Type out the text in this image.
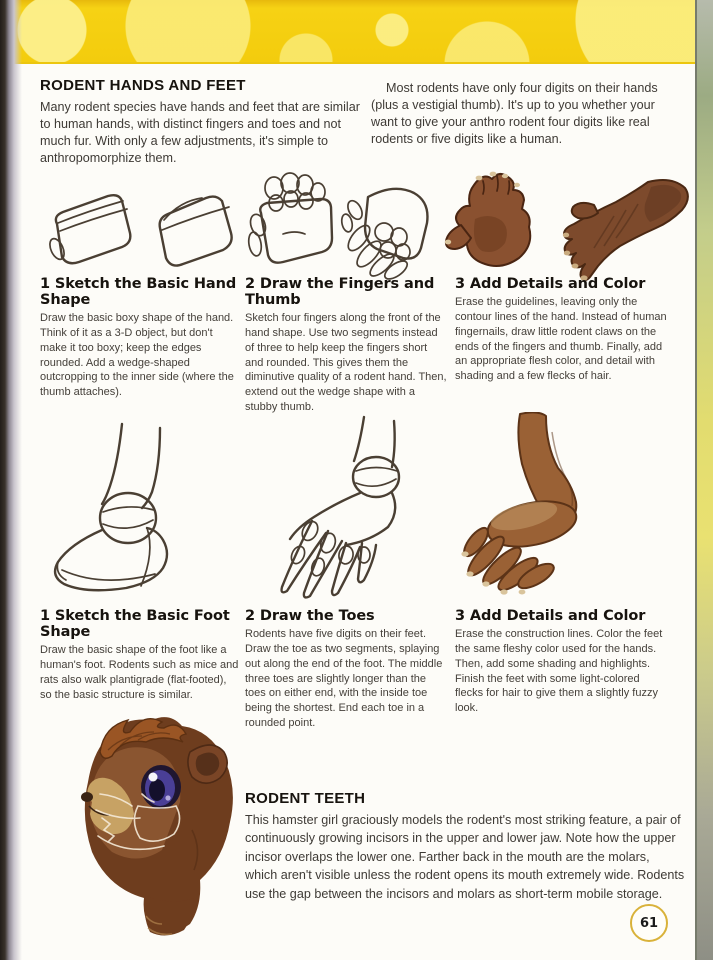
RODENT HANDS AND FEET
Many rodent species have hands and feet that are similar to human hands, with distinct fingers and toes and not much fur. With only a few adjustments, it's simple to anthropomorphize them.
Most rodents have only four digits on their hands (plus a vestigial thumb). It's up to you whether your want to give your anthro rodent four digits like real rodents or five digits like a human.
1 Sketch the Basic Hand Shape
Draw the basic boxy shape of the hand. Think of it as a 3-D object, but don't make it too boxy; keep the edges rounded. Add a wedge-shaped outcropping to the inner side (where the thumb attaches).
2 Draw the Fingers and Thumb
Sketch four fingers along the front of the hand shape. Use two segments instead of three to help keep the fingers short and rounded. This gives them the diminutive quality of a rodent hand. Then, extend out the wedge shape with a stubby thumb.
3 Add Details and Color
Erase the guidelines, leaving only the contour lines of the hand. Instead of human fingernails, draw little rodent claws on the ends of the fingers and thumb. Finally, add an appropriate flesh color, and detail with shading and a few flecks of hair.
1 Sketch the Basic Foot Shape
Draw the basic shape of the foot like a human's foot. Rodents such as mice and rats also walk plantigrade (flat-footed), so the basic structure is similar.
2 Draw the Toes
Rodents have five digits on their feet. Draw the toe as two segments, splaying out along the end of the foot. The middle three toes are slightly longer than the toes on either end, with the inside toe being the shortest. End each toe in a rounded point.
3 Add Details and Color
Erase the construction lines. Color the feet the same fleshy color used for the hands. Then, add some shading and highlights. Finish the feet with some light-colored flecks for hair to give them a slightly fuzzy look.
RODENT TEETH
This hamster girl graciously models the rodent's most striking feature, a pair of continuously growing incisors in the upper and lower jaw. Note how the upper incisor overlaps the lower one. Farther back in the mouth are the molars, which aren't visible unless the rodent opens its mouth extremely wide. Rodents use the gap between the incisors and molars as short-term mobile storage.
61
